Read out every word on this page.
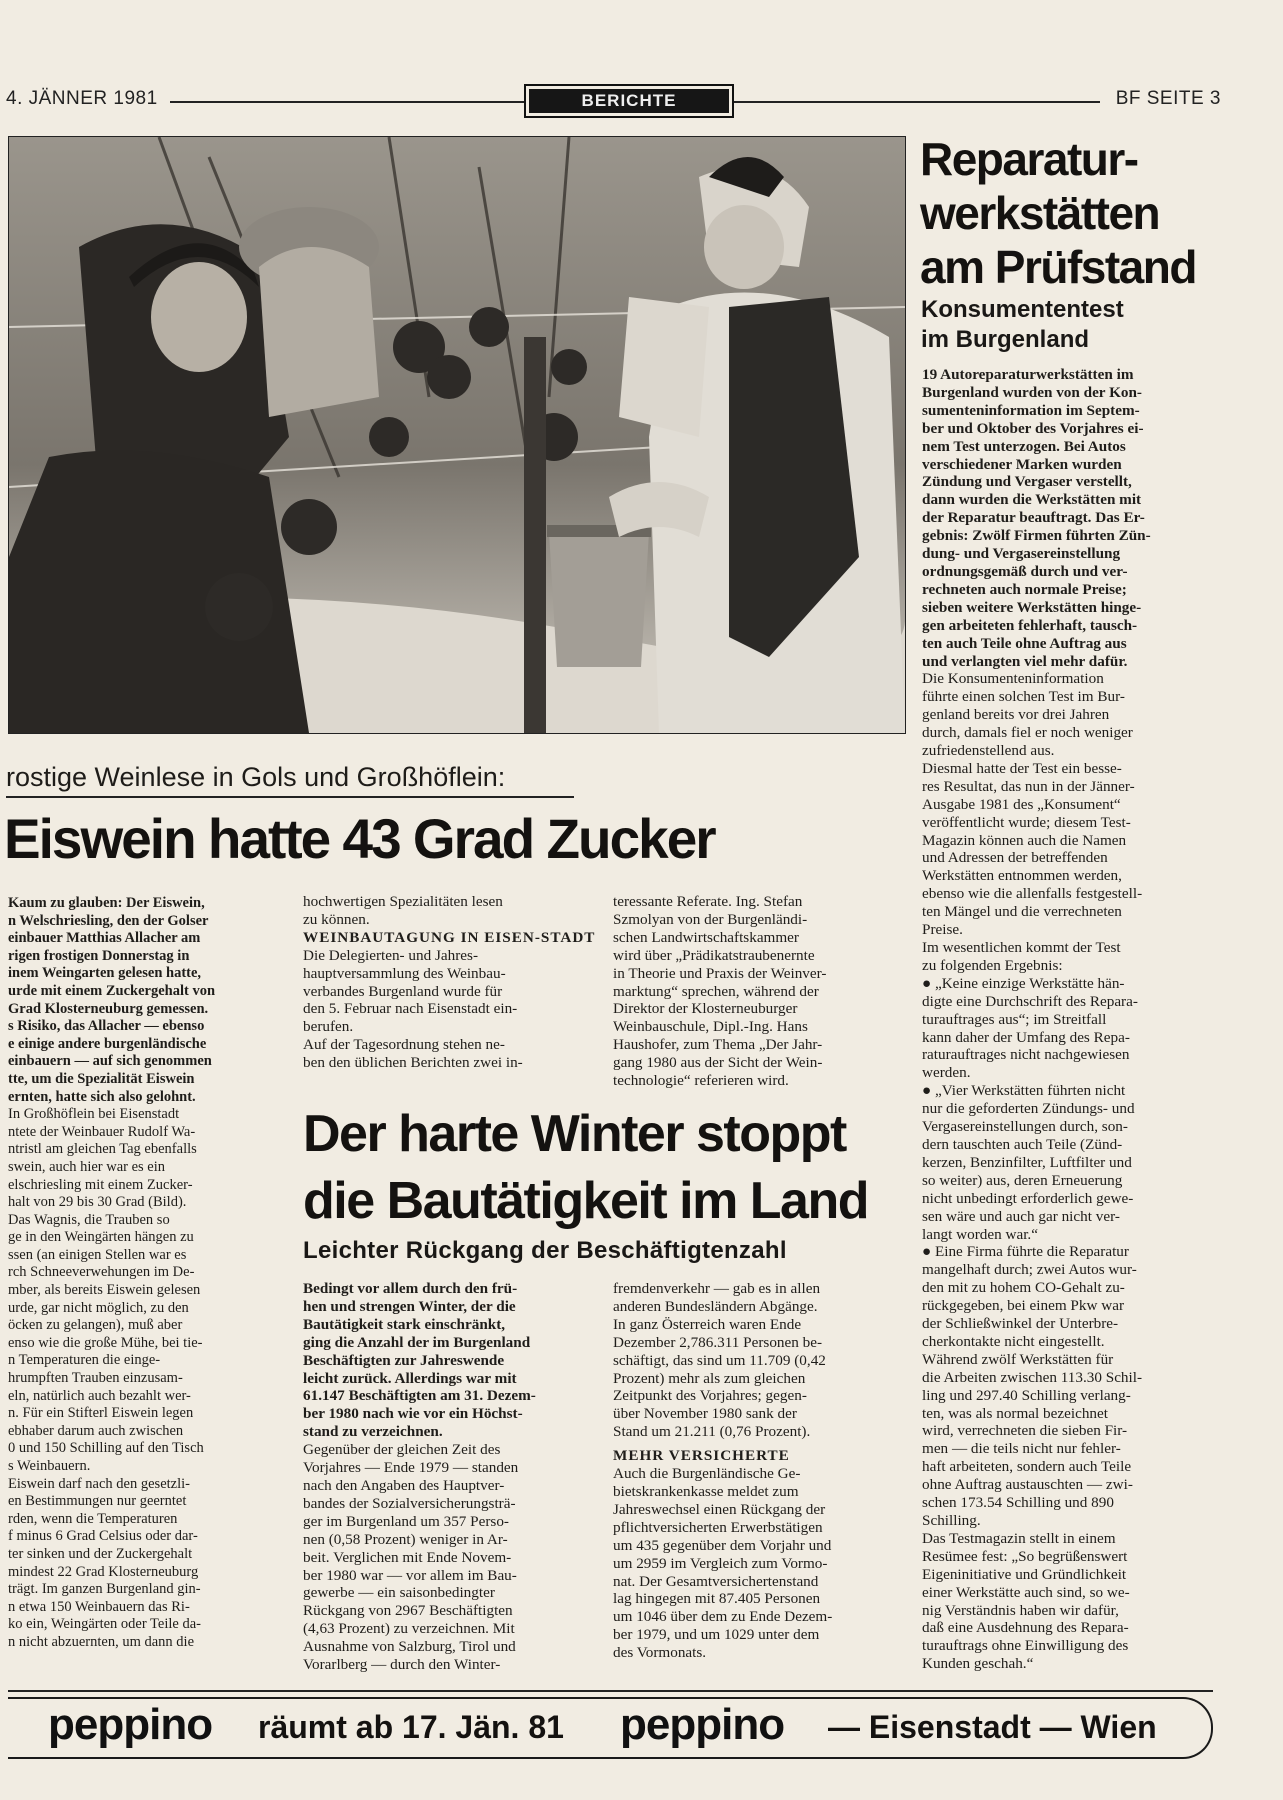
4. JÄNNER 1981	BERICHTE	BF SEITE 3
rostige Weinlese in Gols und Großhöflein:
Eiswein hatte 43 Grad Zucker
Kaum zu glauben: Der Eiswein,
n Welschriesling, den der Golser
einbauer Matthias Allacher am
rigen frostigen Donnerstag in
inem Weingarten gelesen hatte,
urde mit einem Zuckergehalt von
Grad Klosterneuburg gemessen.
s Risiko, das Allacher — ebenso
e einige andere burgenländische
einbauern — auf sich genommen
tte, um die Spezialität Eiswein
ernten, hatte sich also gelohnt.
In Großhöflein bei Eisenstadt
ntete der Weinbauer Rudolf Wa-
ntristl am gleichen Tag ebenfalls
swein, auch hier war es ein
elschriesling mit einem Zucker-
halt von 29 bis 30 Grad (Bild).
Das Wagnis, die Trauben so
ge in den Weingärten hängen zu
ssen (an einigen Stellen war es
rch Schneeverwehungen im De-
mber, als bereits Eiswein gelesen
urde, gar nicht möglich, zu den
öcken zu gelangen), muß aber
enso wie die große Mühe, bei tie-
n Temperaturen die einge-
hrumpften Trauben einzusam-
eln, natürlich auch bezahlt wer-
n. Für ein Stifterl Eiswein legen
ebhaber darum auch zwischen
0 und 150 Schilling auf den Tisch
s Weinbauern.
Eiswein darf nach den gesetzli-
en Bestimmungen nur geerntet
rden, wenn die Temperaturen
f minus 6 Grad Celsius oder dar-
ter sinken und der Zuckergehalt
mindest 22 Grad Klosterneuburg
trägt. Im ganzen Burgenland gin-
n etwa 150 Weinbauern das Ri-
ko ein, Weingärten oder Teile da-
n nicht abzuernten, um dann die
hochwertigen Spezialitäten lesen
zu können.

WEINBAUTAGUNG IN EISEN-STADT

Die Delegierten- und Jahres-
hauptversammlung des Weinbau-
verbandes Burgenland wurde für
den 5. Februar nach Eisenstadt ein-
berufen.
Auf der Tagesordnung stehen ne-
ben den üblichen Berichten zwei in-
teressante Referate. Ing. Stefan
Szmolyan von der Burgenländi-
schen Landwirtschaftskammer
wird über „Prädikatstraubenernte
in Theorie und Praxis der Weinver-
marktung“ sprechen, während der
Direktor der Klosterneuburger
Weinbauschule, Dipl.-Ing. Hans
Haushofer, zum Thema „Der Jahr-
gang 1980 aus der Sicht der Wein-
technologie“ referieren wird.
Der harte Winter stoppt
die Bautätigkeit im Land
Leichter Rückgang der Beschäftigtenzahl
Bedingt vor allem durch den frü-
hen und strengen Winter, der die
Bautätigkeit stark einschränkt,
ging die Anzahl der im Burgenland
Beschäftigten zur Jahreswende
leicht zurück. Allerdings war mit
61.147 Beschäftigten am 31. Dezem-
ber 1980 nach wie vor ein Höchst-
stand zu verzeichnen.
Gegenüber der gleichen Zeit des
Vorjahres — Ende 1979 — standen
nach den Angaben des Hauptver-
bandes der Sozialversicherungsträ-
ger im Burgenland um 357 Perso-
nen (0,58 Prozent) weniger in Ar-
beit. Verglichen mit Ende Novem-
ber 1980 war — vor allem im Bau-
gewerbe — ein saisonbedingter
Rückgang von 2967 Beschäftigten
(4,63 Prozent) zu verzeichnen. Mit
Ausnahme von Salzburg, Tirol und
Vorarlberg — durch den Winter-
fremdenverkehr — gab es in allen
anderen Bundesländern Abgänge.
In ganz Österreich waren Ende
Dezember 2,786.311 Personen be-
schäftigt, das sind um 11.709 (0,42
Prozent) mehr als zum gleichen
Zeitpunkt des Vorjahres; gegen-
über November 1980 sank der
Stand um 21.211 (0,76 Prozent).

MEHR VERSICHERTE

Auch die Burgenländische Ge-
bietskrankenkasse meldet zum
Jahreswechsel einen Rückgang der
pflichtversicherten Erwerbstätigen
um 435 gegenüber dem Vorjahr und
um 2959 im Vergleich zum Vormo-
nat. Der Gesamtversichertenstand
lag hingegen mit 87.405 Personen
um 1046 über dem zu Ende Dezem-
ber 1979, und um 1029 unter dem
des Vormonats.
Reparatur-
werkstätten
am Prüfstand
Konsumententest
im Burgenland
19 Autoreparaturwerkstätten im
Burgenland wurden von der Kon-
sumenteninformation im Septem-
ber und Oktober des Vorjahres ei-
nem Test unterzogen. Bei Autos
verschiedener Marken wurden
Zündung und Vergaser verstellt,
dann wurden die Werkstätten mit
der Reparatur beauftragt. Das Er-
gebnis: Zwölf Firmen führten Zün-
dung- und Vergasereinstellung
ordnungsgemäß durch und ver-
rechneten auch normale Preise;
sieben weitere Werkstätten hinge-
gen arbeiteten fehlerhaft, tausch-
ten auch Teile ohne Auftrag aus
und verlangten viel mehr dafür.
Die Konsumenteninformation
führte einen solchen Test im Bur-
genland bereits vor drei Jahren
durch, damals fiel er noch weniger
zufriedenstellend aus.
Diesmal hatte der Test ein besse-
res Resultat, das nun in der Jänner-
Ausgabe 1981 des „Konsument“
veröffentlicht wurde; diesem Test-
Magazin können auch die Namen
und Adressen der betreffenden
Werkstätten entnommen werden,
ebenso wie die allenfalls festgestell-
ten Mängel und die verrechneten
Preise.
Im wesentlichen kommt der Test
zu folgenden Ergebnis:
● „Keine einzige Werkstätte hän-
digte eine Durchschrift des Repara-
turauftrages aus“; im Streitfall
kann daher der Umfang des Repa-
raturauftrages nicht nachgewiesen
werden.
● „Vier Werkstätten führten nicht
nur die geforderten Zündungs- und
Vergasereinstellungen durch, son-
dern tauschten auch Teile (Zünd-
kerzen, Benzinfilter, Luftfilter und
so weiter) aus, deren Erneuerung
nicht unbedingt erforderlich gewe-
sen wäre und auch gar nicht ver-
langt worden war.“
● Eine Firma führte die Reparatur
mangelhaft durch; zwei Autos wur-
den mit zu hohem CO-Gehalt zu-
rückgegeben, bei einem Pkw war
der Schließwinkel der Unterbre-
cherkontakte nicht eingestellt.
Während zwölf Werkstätten für
die Arbeiten zwischen 113.30 Schil-
ling und 297.40 Schilling verlang-
ten, was als normal bezeichnet
wird, verrechneten die sieben Fir-
men — die teils nicht nur fehler-
haft arbeiteten, sondern auch Teile
ohne Auftrag austauschten — zwi-
schen 173.54 Schilling und 890
Schilling.
Das Testmagazin stellt in einem
Resümee fest: „So begrüßenswert
Eigeninitiative und Gründlichkeit
einer Werkstätte auch sind, so we-
nig Verständnis haben wir dafür,
daß eine Ausdehnung des Repara-
turauftrags ohne Einwilligung des
Kunden geschah.“
peppino räumt ab 17. Jän. 81 peppino — Eisenstadt — Wien
